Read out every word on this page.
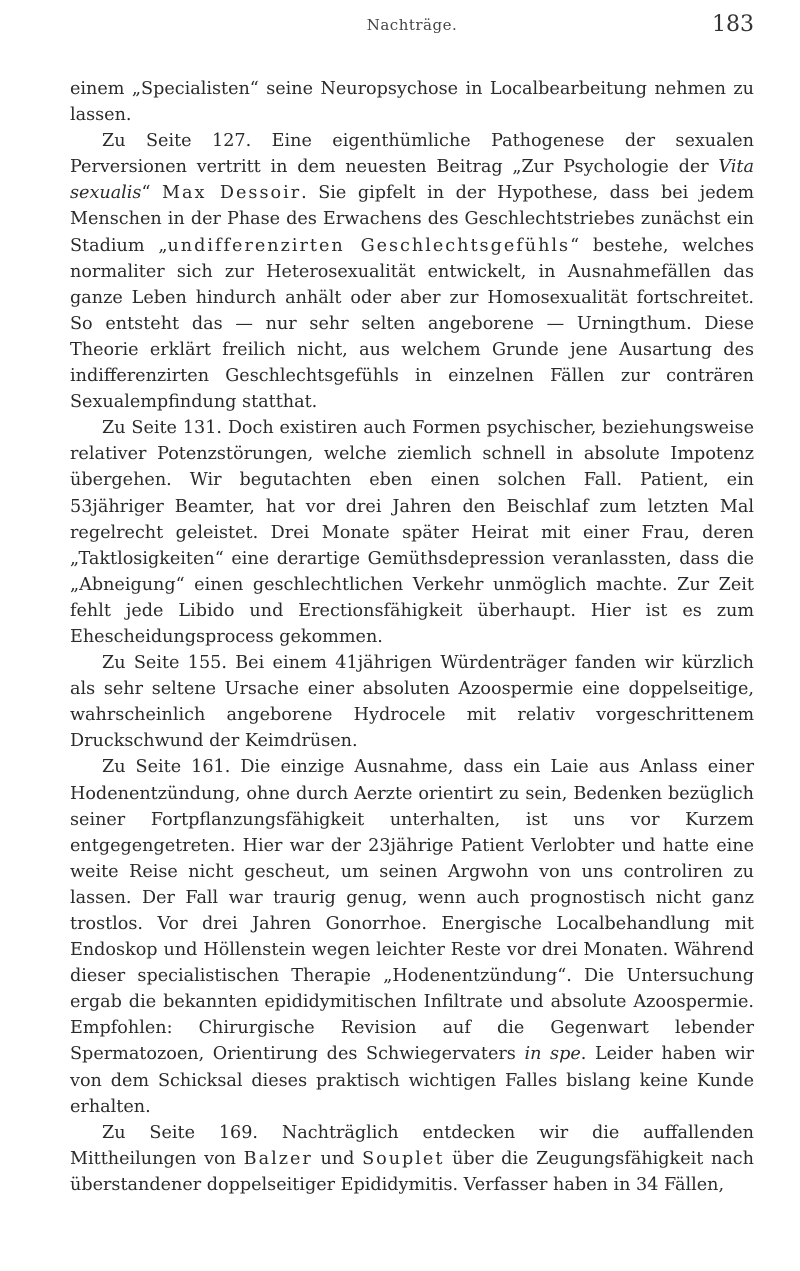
Nachträge.	183

einem „Specialisten“ seine Neuropsychose in Localbearbeitung nehmen zu lassen.

Zu Seite 127. Eine eigenthümliche Pathogenese der sexualen Perversionen vertritt in dem neuesten Beitrag „Zur Psychologie der Vita sexualis“ Max Dessoir. Sie gipfelt in der Hypothese, dass bei jedem Menschen in der Phase des Erwachens des Geschlechtstriebes zunächst ein Stadium „undifferenzirten Geschlechtsgefühls“ bestehe, welches normaliter sich zur Heterosexualität entwickelt, in Ausnahmefällen das ganze Leben hindurch anhält oder aber zur Homosexualität fortschreitet. So entsteht das — nur sehr selten angeborene — Urningthum. Diese Theorie erklärt freilich nicht, aus welchem Grunde jene Ausartung des indifferenzirten Geschlechtsgefühls in einzelnen Fällen zur conträren Sexualempfindung statthat.

Zu Seite 131. Doch existiren auch Formen psychischer, beziehungsweise relativer Potenzstörungen, welche ziemlich schnell in absolute Impotenz übergehen. Wir begutachten eben einen solchen Fall. Patient, ein 53jähriger Beamter, hat vor drei Jahren den Beischlaf zum letzten Mal regelrecht geleistet. Drei Monate später Heirat mit einer Frau, deren „Taktlosigkeiten“ eine derartige Gemüthsdepression veranlassten, dass die „Abneigung“ einen geschlechtlichen Verkehr unmöglich machte. Zur Zeit fehlt jede Libido und Erectionsfähigkeit überhaupt. Hier ist es zum Ehescheidungsprocess gekommen.

Zu Seite 155. Bei einem 41jährigen Würdenträger fanden wir kürzlich als sehr seltene Ursache einer absoluten Azoospermie eine doppelseitige, wahrscheinlich angeborene Hydrocele mit relativ vorgeschrittenem Druckschwund der Keimdrüsen.

Zu Seite 161. Die einzige Ausnahme, dass ein Laie aus Anlass einer Hodenentzündung, ohne durch Aerzte orientirt zu sein, Bedenken bezüglich seiner Fortpflanzungsfähigkeit unterhalten, ist uns vor Kurzem entgegengetreten. Hier war der 23jährige Patient Verlobter und hatte eine weite Reise nicht gescheut, um seinen Argwohn von uns controliren zu lassen. Der Fall war traurig genug, wenn auch prognostisch nicht ganz trostlos. Vor drei Jahren Gonorrhoe. Energische Localbehandlung mit Endoskop und Höllenstein wegen leichter Reste vor drei Monaten. Während dieser specialistischen Therapie „Hodenentzündung“. Die Untersuchung ergab die bekannten epididymitischen Infiltrate und absolute Azoospermie. Empfohlen: Chirurgische Revision auf die Gegenwart lebender Spermatozoen, Orientirung des Schwiegervaters in spe. Leider haben wir von dem Schicksal dieses praktisch wichtigen Falles bislang keine Kunde erhalten.

Zu Seite 169. Nachträglich entdecken wir die auffallenden Mittheilungen von Balzer und Souplet über die Zeugungsfähigkeit nach überstandener doppelseitiger Epididymitis. Verfasser haben in 34 Fällen,
